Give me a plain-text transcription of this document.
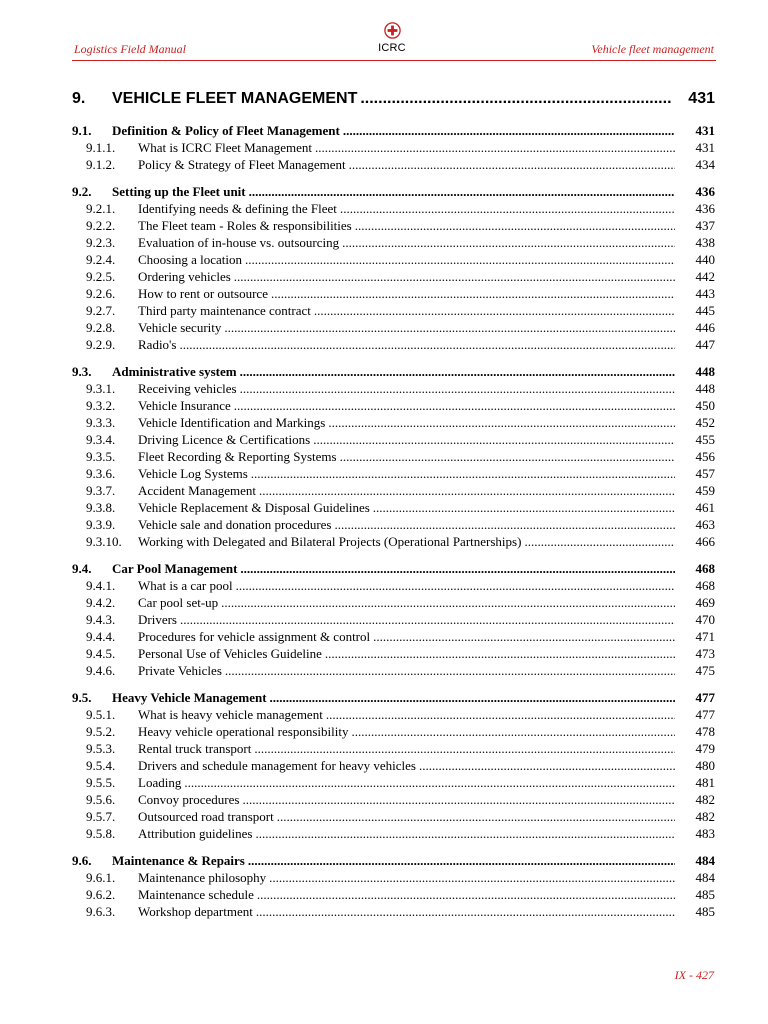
Logistics Field Manual	ICRC	Vehicle fleet management
9.	VEHICLE FLEET MANAGEMENT .....	431
9.1.	Definition & Policy of Fleet Management .....	431
9.1.1.	What is ICRC Fleet Management .....	431
9.1.2.	Policy & Strategy of Fleet Management .....	434
9.2.	Setting up the Fleet unit .....	436
9.2.1.	Identifying needs & defining the Fleet .....	436
9.2.2.	The Fleet team - Roles & responsibilities .....	437
9.2.3.	Evaluation of in-house vs. outsourcing .....	438
9.2.4.	Choosing a location .....	440
9.2.5.	Ordering vehicles .....	442
9.2.6.	How to rent or outsource .....	443
9.2.7.	Third party maintenance contract .....	445
9.2.8.	Vehicle security .....	446
9.2.9.	Radio's .....	447
9.3.	Administrative system .....	448
9.3.1.	Receiving vehicles .....	448
9.3.2.	Vehicle Insurance .....	450
9.3.3.	Vehicle Identification and Markings .....	452
9.3.4.	Driving Licence & Certifications .....	455
9.3.5.	Fleet Recording & Reporting Systems .....	456
9.3.6.	Vehicle Log Systems .....	457
9.3.7.	Accident Management .....	459
9.3.8.	Vehicle Replacement & Disposal Guidelines .....	461
9.3.9.	Vehicle sale and donation procedures .....	463
9.3.10.	Working with Delegated and Bilateral Projects (Operational Partnerships) .....	466
9.4.	Car Pool Management .....	468
9.4.1.	What is a car pool .....	468
9.4.2.	Car pool set-up .....	469
9.4.3.	Drivers .....	470
9.4.4.	Procedures for vehicle assignment & control .....	471
9.4.5.	Personal Use of Vehicles Guideline .....	473
9.4.6.	Private Vehicles .....	475
9.5.	Heavy Vehicle Management .....	477
9.5.1.	What is heavy vehicle management .....	477
9.5.2.	Heavy vehicle operational responsibility .....	478
9.5.3.	Rental truck transport .....	479
9.5.4.	Drivers and schedule management for heavy vehicles .....	480
9.5.5.	Loading .....	481
9.5.6.	Convoy procedures .....	482
9.5.7.	Outsourced road transport .....	482
9.5.8.	Attribution guidelines .....	483
9.6.	Maintenance & Repairs .....	484
9.6.1.	Maintenance philosophy .....	484
9.6.2.	Maintenance schedule .....	485
9.6.3.	Workshop department .....	485
IX - 427
